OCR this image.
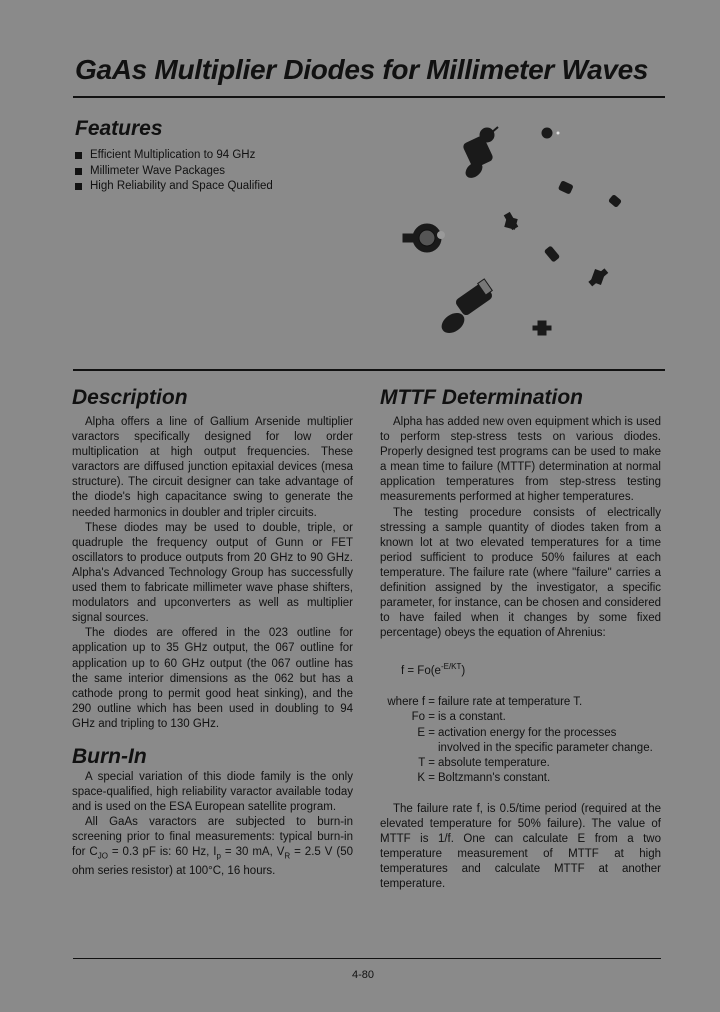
GaAs Multiplier Diodes for Millimeter Waves
Features
Efficient Multiplication to 94 GHz
Millimeter Wave Packages
High Reliability and Space Qualified
Description

Alpha offers a line of Gallium Arsenide multiplier varactors specifically designed for low order multiplication at high output frequencies. These varactors are diffused junction epitaxial devices (mesa structure). The circuit designer can take advantage of the diode's high capacitance swing to generate the needed harmonics in doubler and tripler circuits.

These diodes may be used to double, triple, or quadruple the frequency output of Gunn or FET oscillators to produce outputs from 20 GHz to 90 GHz. Alpha's Advanced Technology Group has successfully used them to fabricate millimeter wave phase shifters, modulators and upconverters as well as multiplier signal sources.

The diodes are offered in the 023 outline for application up to 35 GHz output, the 067 outline for application up to 60 GHz output (the 067 outline has the same interior dimensions as the 062 but has a cathode prong to permit good heat sinking), and the 290 outline which has been used in doubling to 94 GHz and tripling to 130 GHz.

Burn-In

A special variation of this diode family is the only space-qualified, high reliability varactor available today and is used on the ESA European satellite program.

All GaAs varactors are subjected to burn-in screening prior to final measurements: typical burn-in for $C_{JO} = 0.3$ pF is: 60 Hz, $I_p = 30$ mA, $V_R = 2.5$ V (50 ohm series resistor) at 100°C, 16 hours.

MTTF Determination

Alpha has added new oven equipment which is used to perform step-stress tests on various diodes. Properly designed test programs can be used to make a mean time to failure (MTTF) determination at normal application temperatures from step-stress testing measurements performed at higher temperatures.

The testing procedure consists of electrically stressing a sample quantity of diodes taken from a known lot at two elevated temperatures for a time period sufficient to produce 50% failures at each temperature. The failure rate (where "failure" carries a definition assigned by the investigator, a specific parameter, for instance, can be chosen and considered to have failed when it changes by some fixed percentage) obeys the equation of Ahrenius:

$f = Fo(e^{-E/KT})$
where f = failure rate at temperature T.
Fo = is a constant.
E = activation energy for the processes involved in the specific parameter change.
T = absolute temperature.
K = Boltzmann's constant.

The failure rate f, is 0.5/time period (required at the elevated temperature for 50% failure). The value of MTTF is 1/f. One can calculate E from a two temperature measurement of MTTF at high temperatures and calculate MTTF at another temperature.

4-80
